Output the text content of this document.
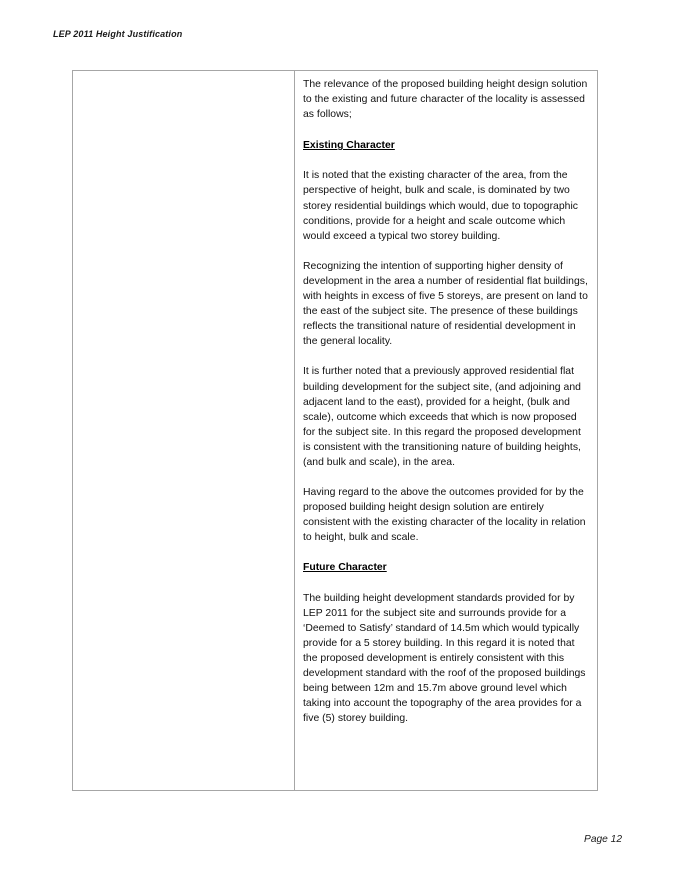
LEP 2011 Height Justification

The relevance of the proposed building height design solution to the existing and future character of the locality is assessed as follows;

Existing Character

It is noted that the existing character of the area, from the perspective of height, bulk and scale, is dominated by two storey residential buildings which would, due to topographic conditions, provide for a height and scale outcome which would exceed a typical two storey building.

Recognizing the intention of supporting higher density of development in the area a number of residential flat buildings, with heights in excess of five 5 storeys, are present on land to the east of the subject site. The presence of these buildings reflects the transitional nature of residential development in the general locality.

It is further noted that a previously approved residential flat building development for the subject site, (and adjoining and adjacent land to the east), provided for a height, (bulk and scale), outcome which exceeds that which is now proposed for the subject site. In this regard the proposed development is consistent with the transitioning nature of building heights, (and bulk and scale), in the area.

Having regard to the above the outcomes provided for by the proposed building height design solution are entirely consistent with the existing character of the locality in relation to height, bulk and scale.

Future Character

The building height development standards provided for by LEP 2011 for the subject site and surrounds provide for a ‘Deemed to Satisfy’ standard of 14.5m which would typically provide for a 5 storey building. In this regard it is noted that the proposed development is entirely consistent with this development standard with the roof of the proposed buildings being between 12m and 15.7m above ground level which taking into account the topography of the area provides for a five (5) storey building.

Page 12
